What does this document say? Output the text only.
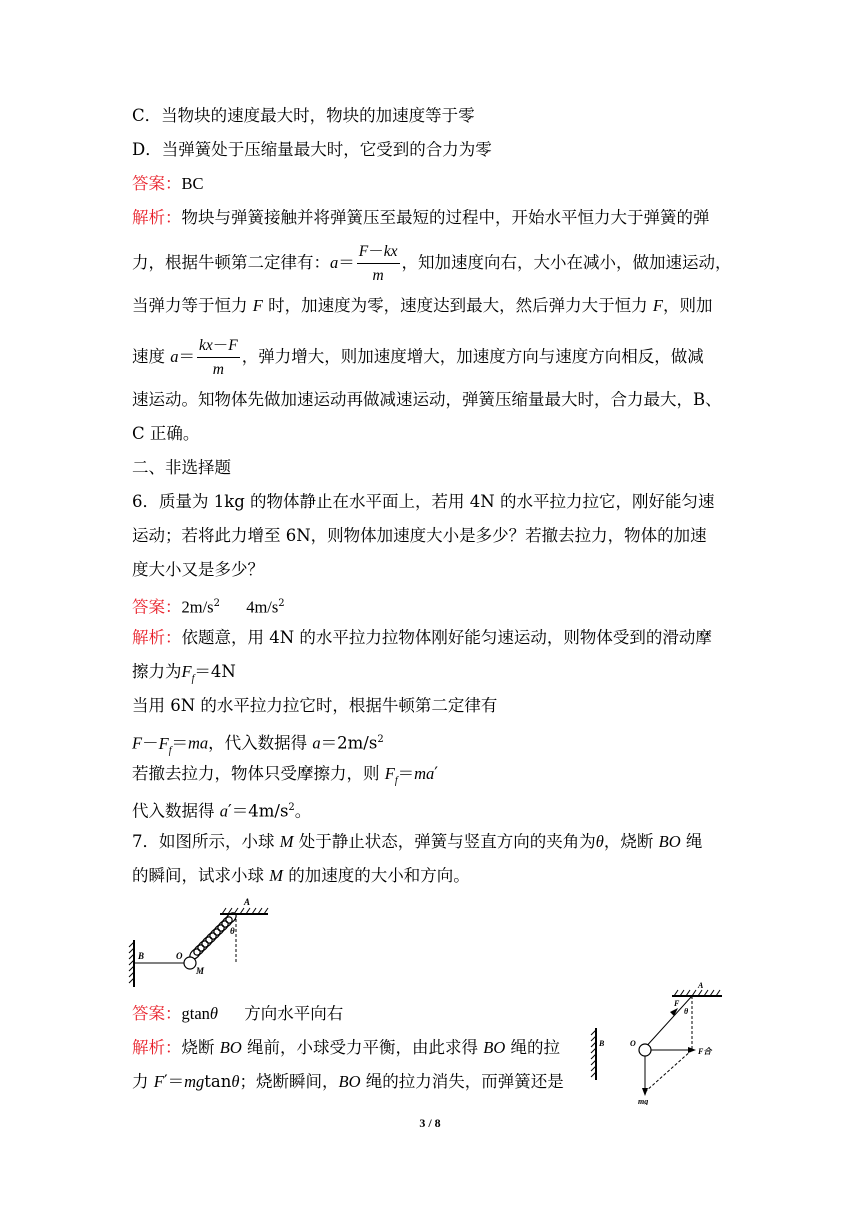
C．当物块的速度最大时，物块的加速度等于零
D．当弹簧处于压缩量最大时，它受到的合力为零
答案：BC
解析：物块与弹簧接触并将弹簧压至最短的过程中，开始水平恒力大于弹簧的弹
力，根据牛顿第二定律有：$a= \frac{F-kx}{m}$ ，知加速度向右，大小在减小，做加速运动，
当弹力等于恒力 F 时，加速度为零，速度达到最大，然后弹力大于恒力 F，则加
速度 $a= \frac{kx-F}{m}$ ，弹力增大，则加速度增大，加速度方向与速度方向相反，做减
速运动。知物体先做加速运动再做减速运动，弹簧压缩量最大时，合力最大，B、
C 正确。
二、非选择题
6．质量为 1kg 的物体静止在水平面上，若用 4N 的水平拉力拉它，刚好能匀速
运动；若将此力增至 6N，则物体加速度大小是多少？若撤去拉力，物体的加速
度大小又是多少？
答案：$2m/s^2$ $4m/s^2$
解析：依题意，用 4N 的水平拉力拉物体刚好能匀速运动，则物体受到的滑动摩
擦力为$F_f=4N$
当用 6N 的水平拉力拉它时，根据牛顿第二定律有
$F-F_f=ma$，代入数据得 $a=2m/s^2$
若撤去拉力，物体只受摩擦力，则 $F_f=ma'$
代入数据得 $a'=4m/s^2$。
7．如图所示，小球 M 处于静止状态，弹簧与竖直方向的夹角为θ，烧断 BO 绳
的瞬间，试求小球 M 的加速度的大小和方向。
A
θ
B	O
M
答案：gtanθ 方向水平向右
解析：烧断 BO 绳前，小球受力平衡，由此求得 BO 绳的拉
力 F′＝mgtanθ；烧断瞬间，BO 绳的拉力消失，而弹簧还是
A
θ
F
B	O
F合
mg
3 / 8
